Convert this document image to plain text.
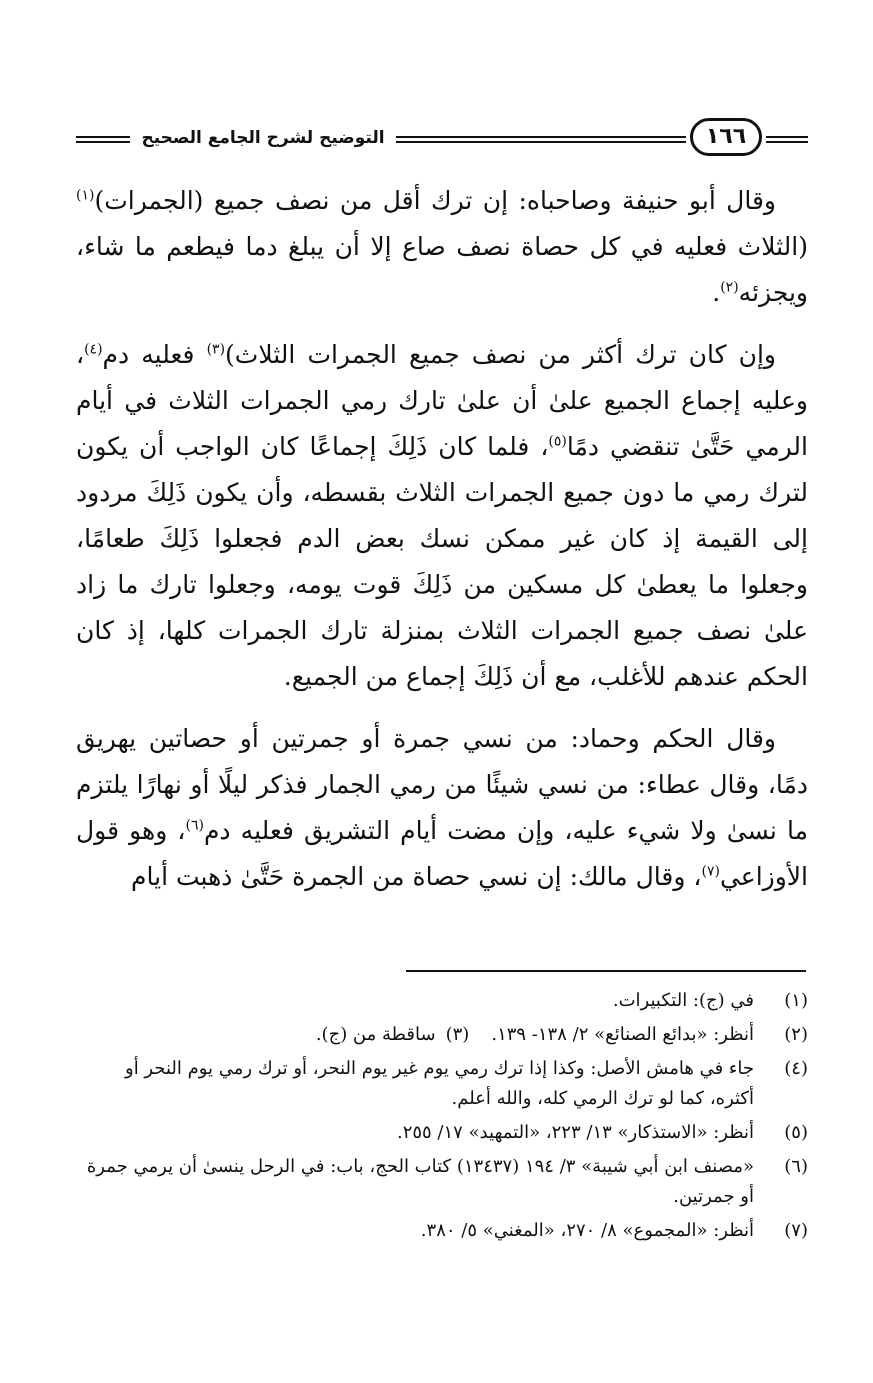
التوضيح لشرح الجامع الصحيح	١٦٦

وقال أبو حنيفة وصاحباه: إن ترك أقل من نصف جميع (الجمرات)$^{(١)}$ (الثلاث فعليه في كل حصاة نصف صاع إلا أن يبلغ دما فيطعم ما شاء، ويجزئه$^{(٢)}$.

وإن كان ترك أكثر من نصف جميع الجمرات الثلاث)$^{(٣)}$ فعليه دم$^{(٤)}$، وعليه إجماع الجميع علىٰ أن علىٰ تارك رمي الجمرات الثلاث في أيام الرمي حَتَّىٰ تنقضي دمًا$^{(٥)}$، فلما كان ذَلِكَ إجماعًا كان الواجب أن يكون لترك رمي ما دون جميع الجمرات الثلاث بقسطه، وأن يكون ذَلِكَ مردود إلى القيمة إذ كان غير ممكن نسك بعض الدم فجعلوا ذَلِكَ طعامًا، وجعلوا ما يعطىٰ كل مسكين من ذَلِكَ قوت يومه، وجعلوا تارك ما زاد علىٰ نصف جميع الجمرات الثلاث بمنزلة تارك الجمرات كلها، إذ كان الحكم عندهم للأغلب، مع أن ذَلِكَ إجماع من الجميع.

وقال الحكم وحماد: من نسي جمرة أو جمرتين أو حصاتين يهريق دمًا، وقال عطاء: من نسي شيئًا من رمي الجمار فذكر ليلًا أو نهارًا يلتزم ما نسىٰ ولا شيء عليه، وإن مضت أيام التشريق فعليه دم$^{(٦)}$، وهو قول الأوزاعي$^{(٧)}$، وقال مالك: إن نسي حصاة من الجمرة حَتَّىٰ ذهبت أيام

(١)
في (ج): التكبيرات.
(٢)
أنظر: «بدائع الصنائع» ٢/ ١٣٨- ١٣٩.(٣)ساقطة من (ج).
(٤)
جاء في هامش الأصل: وكذا إذا ترك رمي يوم غير يوم النحر، أو ترك رمي يوم النحر أو أكثره، كما لو ترك الرمي كله، والله أعلم.
(٥)
أنظر: «الاستذكار» ١٣/ ٢٢٣، «التمهيد» ١٧/ ٢٥٥.
(٦)
«مصنف ابن أبي شيبة» ٣/ ١٩٤ (١٣٤٣٧) كتاب الحج، باب: في الرحل ينسىٰ أن يرمي جمرة أو جمرتين.
(٧)
أنظر: «المجموع» ٨/ ٢٧٠، «المغني» ٥/ ٣٨٠.
